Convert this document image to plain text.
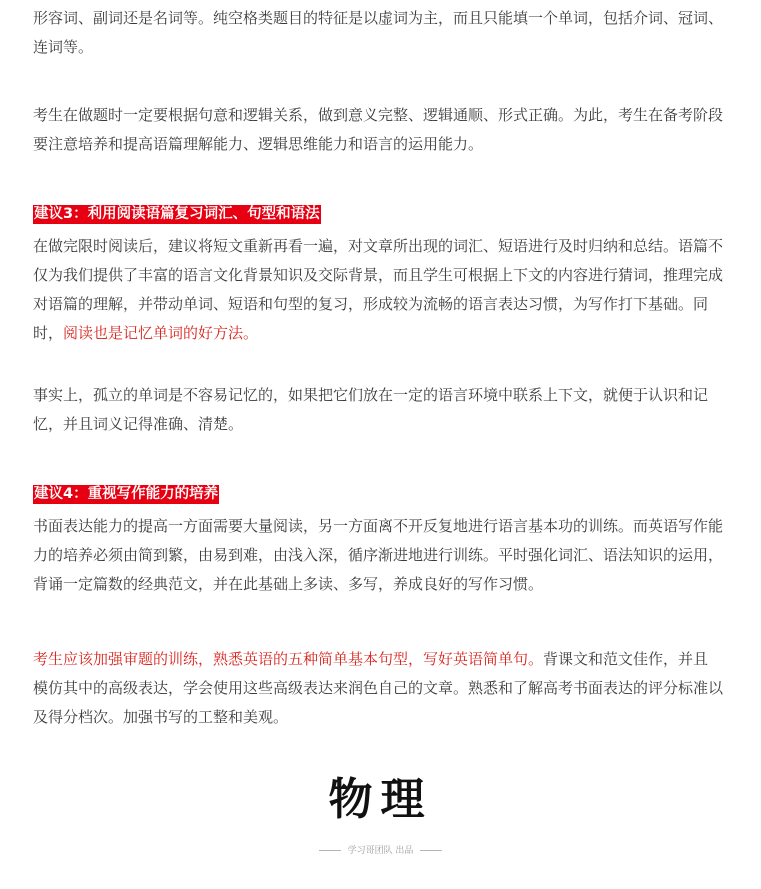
形容词、副词还是名词等。纯空格类题目的特征是以虚词为主，而且只能填一个单词，包括介词、冠词、连词等。

考生在做题时一定要根据句意和逻辑关系，做到意义完整、逻辑通顺、形式正确。为此，考生在备考阶段要注意培养和提高语篇理解能力、逻辑思维能力和语言的运用能力。

建议3：利用阅读语篇复习词汇、句型和语法

在做完限时阅读后，建议将短文重新再看一遍，对文章所出现的词汇、短语进行及时归纳和总结。语篇不仅为我们提供了丰富的语言文化背景知识及交际背景，而且学生可根据上下文的内容进行猜词，推理完成对语篇的理解，并带动单词、短语和句型的复习，形成较为流畅的语言表达习惯，为写作打下基础。同时，阅读也是记忆单词的好方法。

事实上，孤立的单词是不容易记忆的，如果把它们放在一定的语言环境中联系上下文，就便于认识和记忆，并且词义记得准确、清楚。

建议4：重视写作能力的培养

书面表达能力的提高一方面需要大量阅读，另一方面离不开反复地进行语言基本功的训练。而英语写作能力的培养必须由简到繁，由易到难，由浅入深，循序渐进地进行训练。平时强化词汇、语法知识的运用，背诵一定篇数的经典范文，并在此基础上多读、多写，养成良好的写作习惯。

考生应该加强审题的训练，熟悉英语的五种简单基本句型，写好英语简单句。背课文和范文佳作，并且模仿其中的高级表达，学会使用这些高级表达来润色自己的文章。熟悉和了解高考书面表达的评分标准以及得分档次。加强书写的工整和美观。

物理
学习哥团队 出品
